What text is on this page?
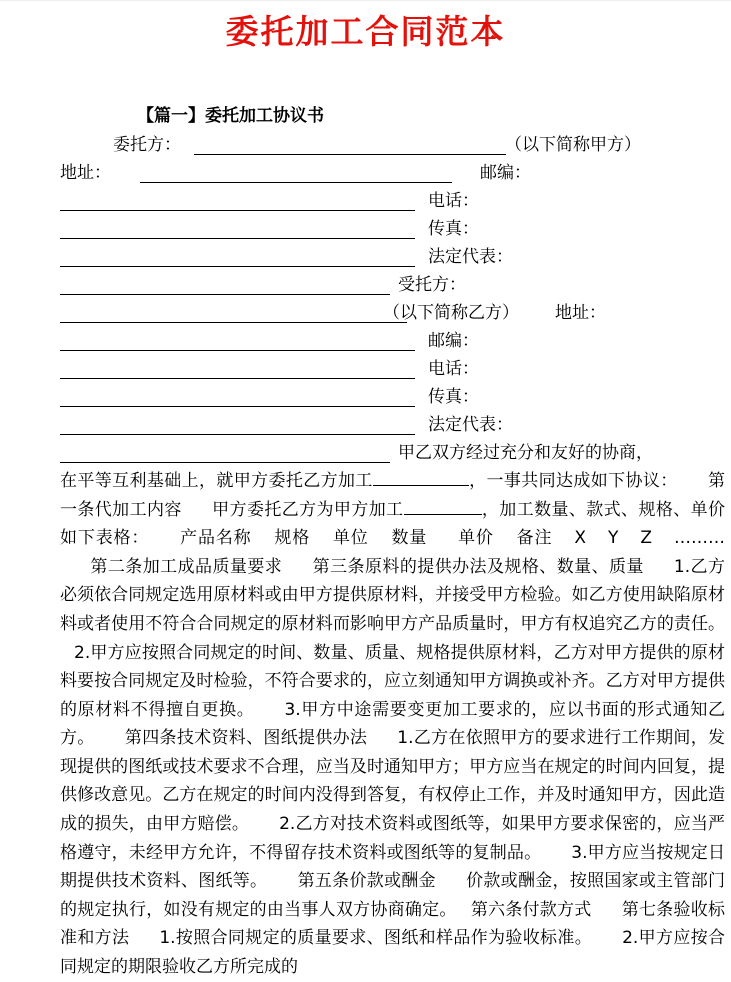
委托加工合同范本
【篇一】委托加工协议书
委托方：	（以下简称甲方）
地址：	邮编：
电话：
传真：
法定代表：
受托方：
（以下简称乙方） 地址：
邮编：
电话：
传真：
法定代表：
甲乙双方经过充分和友好的协商，

在平等互利基础上，就甲方委托乙方加工	，一事共同达成如下协议： 第一条代加工内容 甲方委托乙方为甲方加工	，加工数量、款式、规格、单价如下表格： 产品名称 规格 单位 数量 单价 备注 X Y Z ………第二条加工成品质量要求 第三条原料的提供办法及规格、数量、质量 1.乙方必须依合同规定选用原材料或由甲方提供原材料，并接受甲方检验。如乙方使用缺陷原材料或者使用不符合合同规定的原材料而影响甲方产品质量时，甲方有权追究乙方的责任。2.甲方应按照合同规定的时间、数量、质量、规格提供原材料，乙方对甲方提供的原材料要按合同规定及时检验，不符合要求的，应立刻通知甲方调换或补齐。乙方对甲方提供的原材料不得擅自更换。 3.甲方中途需要变更加工要求的，应以书面的形式通知乙方。 第四条技术资料、图纸提供办法 1.乙方在依照甲方的要求进行工作期间，发现提供的图纸或技术要求不合理，应当及时通知甲方；甲方应当在规定的时间内回复，提供修改意见。乙方在规定的时间内没得到答复，有权停止工作，并及时通知甲方，因此造成的损失，由甲方赔偿。 2.乙方对技术资料或图纸等，如果甲方要求保密的，应当严格遵守，未经甲方允许，不得留存技术资料或图纸等的复制品。 3.甲方应当按规定日期提供技术资料、图纸等。 第五条价款或酬金 价款或酬金，按照国家或主管部门的规定执行，如没有规定的由当事人双方协商确定。 第六条付款方式 第七条验收标准和方法 1.按照合同规定的质量要求、图纸和样品作为验收标准。 2.甲方应按合同规定的期限验收乙方所完成的
